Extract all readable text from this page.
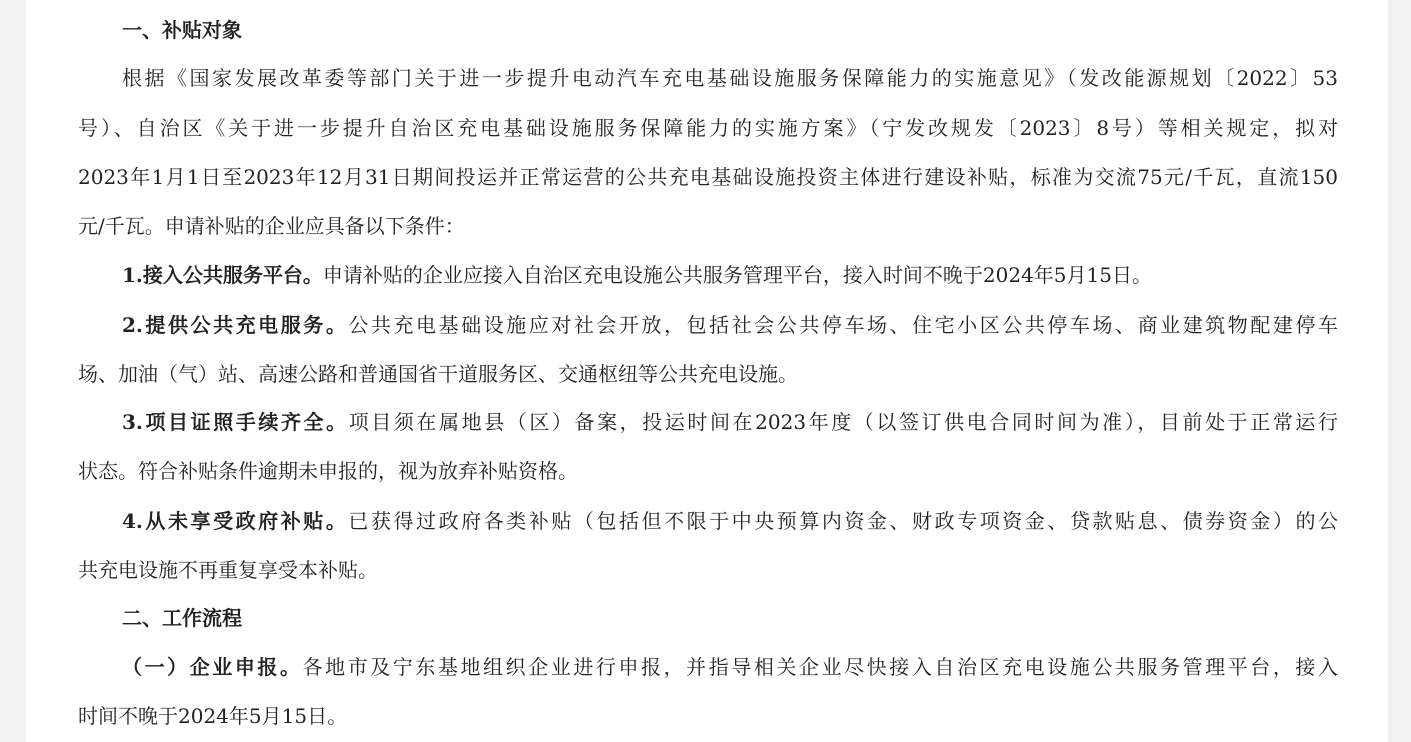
一、补贴对象
根据《国家发展改革委等部门关于进一步提升电动汽车充电基础设施服务保障能力的实施意见》（发改能源规划〔2022〕53
号）、自治区《关于进一步提升自治区充电基础设施服务保障能力的实施方案》（宁发改规发〔2023〕8号）等相关规定，拟对
2023年1月1日至2023年12月31日期间投运并正常运营的公共充电基础设施投资主体进行建设补贴，标准为交流75元/千瓦，直流150
元/千瓦。申请补贴的企业应具备以下条件：
1.接入公共服务平台。申请补贴的企业应接入自治区充电设施公共服务管理平台，接入时间不晚于2024年5月15日。
2.提供公共充电服务。公共充电基础设施应对社会开放，包括社会公共停车场、住宅小区公共停车场、商业建筑物配建停车
场、加油（气）站、高速公路和普通国省干道服务区、交通枢纽等公共充电设施。
3.项目证照手续齐全。项目须在属地县（区）备案，投运时间在2023年度（以签订供电合同时间为准），目前处于正常运行
状态。符合补贴条件逾期未申报的，视为放弃补贴资格。
4.从未享受政府补贴。已获得过政府各类补贴（包括但不限于中央预算内资金、财政专项资金、贷款贴息、债券资金）的公
共充电设施不再重复享受本补贴。
二、工作流程
（一）企业申报。各地市及宁东基地组织企业进行申报，并指导相关企业尽快接入自治区充电设施公共服务管理平台，接入
时间不晚于2024年5月15日。
